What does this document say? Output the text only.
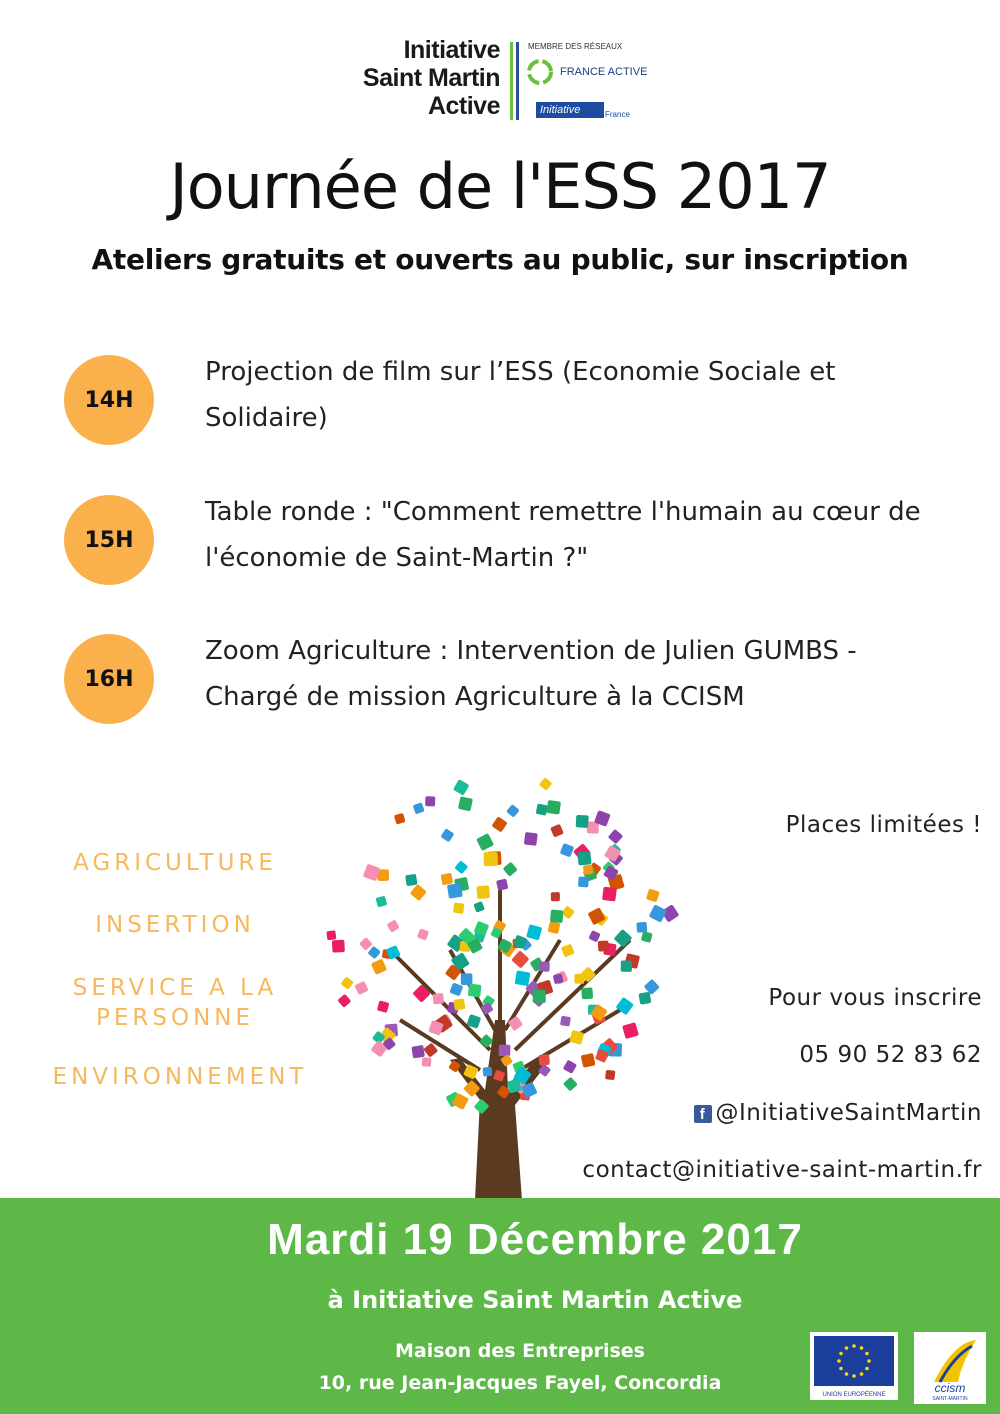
Initiative
Saint Martin
Active
MEMBRE DES RÉSEAUX
FRANCE ACTIVE
Initiative	France
Journée de l'ESS 2017
Ateliers gratuits et ouverts au public, sur inscription
14H
Projection de film sur l’ESS (Economie Sociale et Solidaire)
15H
Table ronde : "Comment remettre l'humain au cœur de l'économie de Saint-Martin ?"
16H
Zoom Agriculture : Intervention de Julien GUMBS - Chargé de mission Agriculture à la CCISM
AGRICULTURE
INSERTION
SERVICE A LA
PERSONNE
ENVIRONNEMENT
Places limitées !
Pour vous inscrire
05 90 52 83 62
f @InitiativeSaintMartin
contact@initiative-saint-martin.fr
Mardi 19 Décembre 2017
à Initiative Saint Martin Active
Maison des Entreprises
10, rue Jean-Jacques Fayel, Concordia
UNION EUROPÉENNE	ccism
SAINT-MARTIN
